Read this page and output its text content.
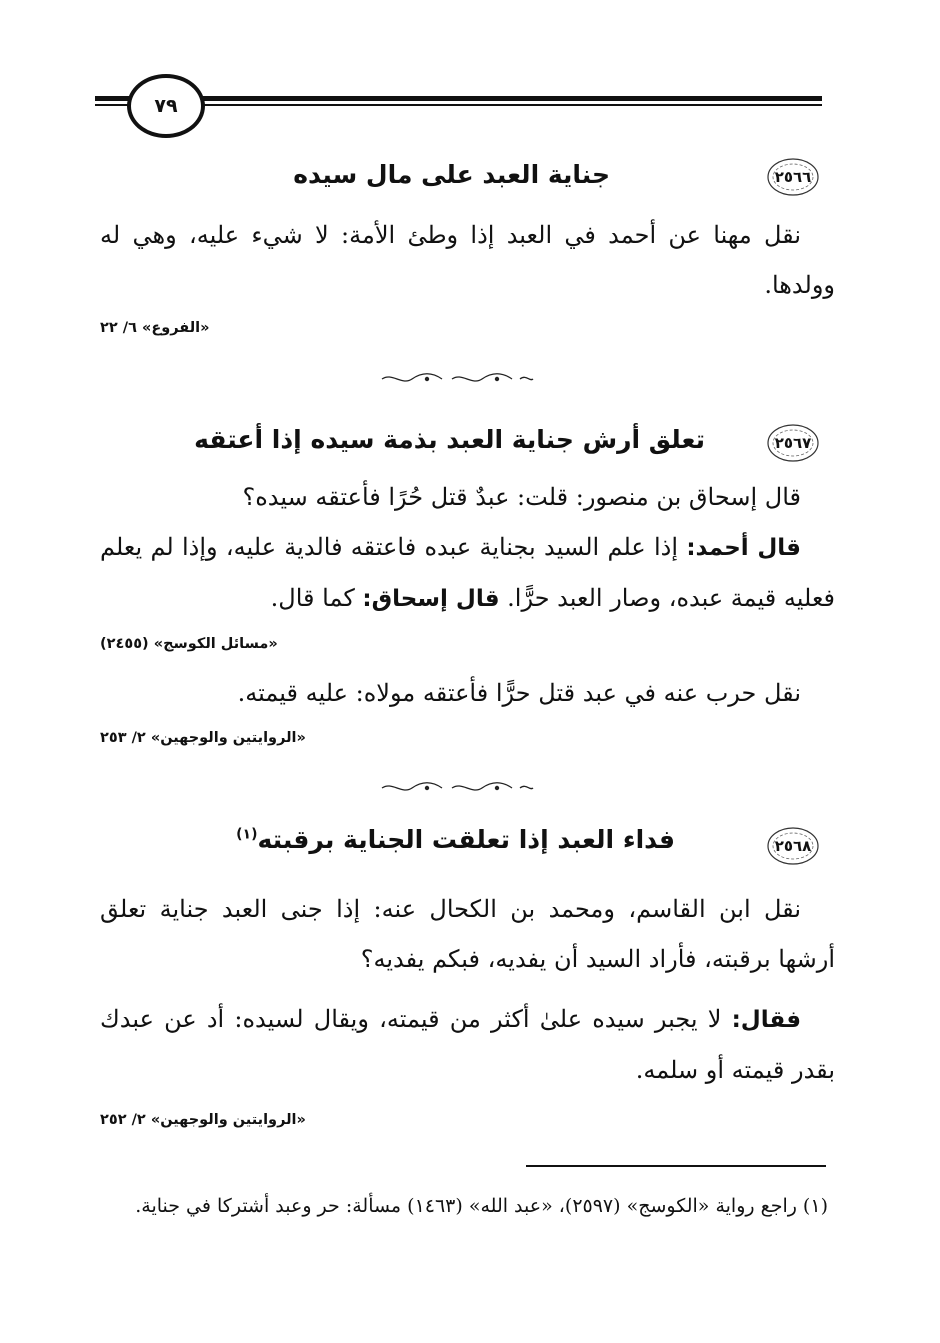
٧٩
٢٥٦٦
جناية العبد على مال سيده
نقل مهنا عن أحمد في العبد إذا وطئ الأمة: لا شيء عليه، وهي له وولدها.
«الفروع» ٦/ ٢٢
٢٥٦٧
تعلق أرش جناية العبد بذمة سيده إذا أعتقه
قال إسحاق بن منصور: قلت: عبدٌ قتل حُرًا فأعتقه سيده؟
قال أحمد: إذا علم السيد بجناية عبده فاعتقه فالدية عليه، وإذا لم يعلم فعليه قيمة عبده، وصار العبد حرًّا. قال إسحاق: كما قال.
«مسائل الكوسج» (٢٤٥٥)
نقل حرب عنه في عبد قتل حرًّا فأعتقه مولاه: عليه قيمته.
«الروايتين والوجهين» ٢/ ٢٥٣
٢٥٦٨
فداء العبد إذا تعلقت الجناية برقبته$^{(١)}$
نقل ابن القاسم، ومحمد بن الكحال عنه: إذا جنى العبد جناية تعلق أرشها برقبته، فأراد السيد أن يفديه، فبكم يفديه؟
فقال: لا يجبر سيده علىٰ أكثر من قيمته، ويقال لسيده: أد عن عبدك بقدر قيمته أو سلمه.
«الروايتين والوجهين» ٢/ ٢٥٢
(١) راجع رواية «الكوسج» (٢٥٩٧)، «عبد الله» (١٤٦٣) مسألة: حر وعبد أشتركا في جناية.
